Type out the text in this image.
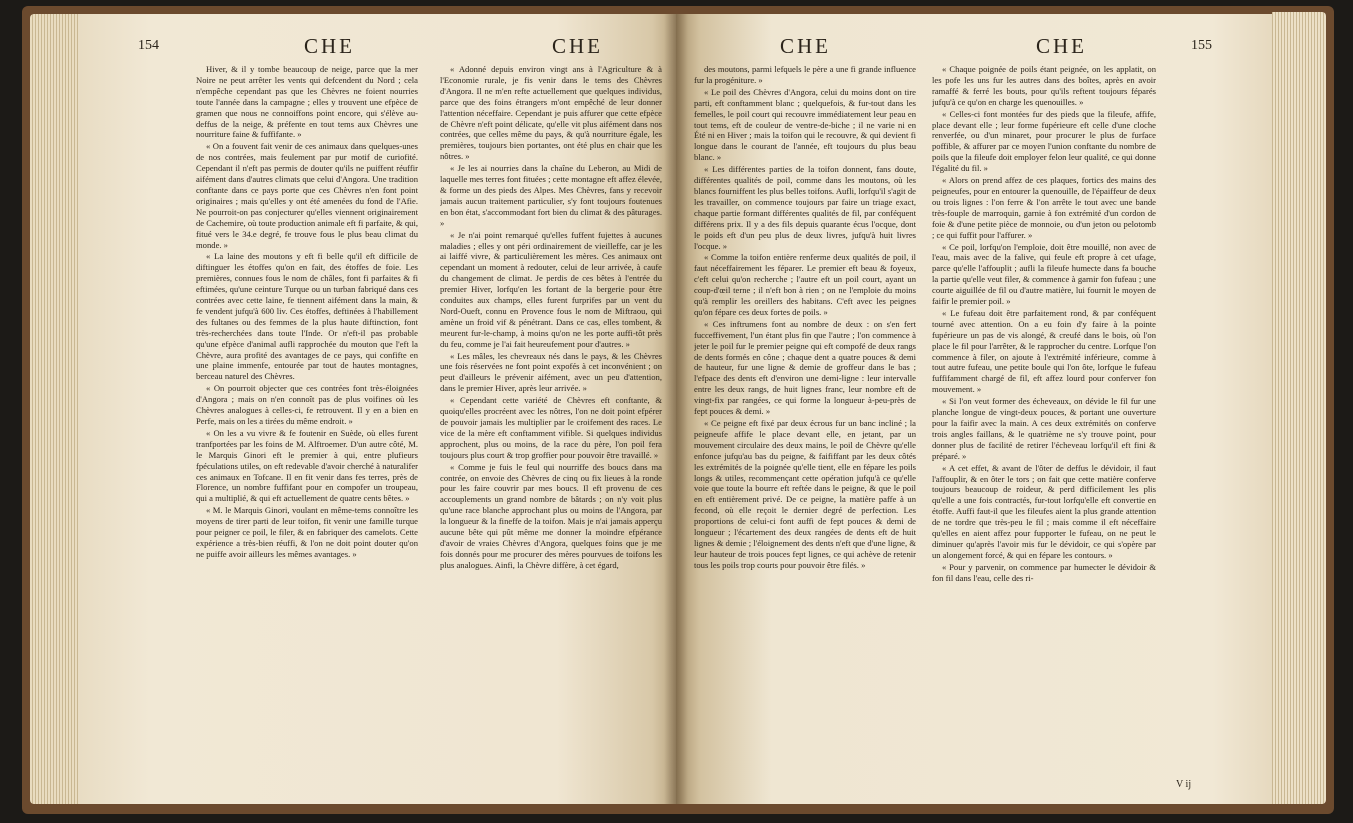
154	CHE	CHE

Hiver, & il y tombe beaucoup de neige, parce que la mer Noire ne peut arrêter les vents qui defcendent du Nord ; cela n'empêche cependant pas que les Chèvres ne foient nourries toute l'année dans la campagne ; elles y trouvent une efpèce de gramen que nous ne connoiffons point encore, qui s'élève au-deffus de la neige, & préfente en tout tems aux Chèvres une nourriture faine & fuffifante. »

« On a fouvent fait venir de ces animaux dans quelques-unes de nos contrées, mais feulement par pur motif de curiofité. Cependant il n'eft pas permis de douter qu'ils ne puiffent réuffir aifément dans d'autres climats que celui d'Angora. Une tradition conftante dans ce pays porte que ces Chèvres n'en font point originaires ; mais qu'elles y ont été amenées du fond de l'Afie. Ne pourroit-on pas conjecturer qu'elles viennent originairement de Cachemire, où toute production animale eft fi parfaite, & qui, fitué vers le 34.e degré, fe trouve fous le plus beau climat du monde. »

« La laine des moutons y eft fi belle qu'il eft difficile de diftinguer les étoffes qu'on en fait, des étoffes de foie. Les premières, connues fous le nom de châles, font fi parfaites & fi eftimées, qu'une ceinture Turque ou un turban fabriqué dans ces contrées avec cette laine, fe tiennent aifément dans la main, & fe vendent jufqu'à 600 liv. Ces étoffes, deftinées à l'habillement des fultanes ou des femmes de la plus haute diftinction, font très-recherchées dans toute l'Inde. Or n'eft-il pas probable qu'une efpèce d'animal aufli rapprochée du mouton que l'eft la Chèvre, aura profité des avantages de ce pays, qui confifte en une plaine immenfe, entourée par tout de hautes montagnes, berceau naturel des Chèvres.

« On pourroit objecter que ces contrées font très-éloignées d'Angora ; mais on n'en connoît pas de plus voifines où les Chèvres analogues à celles-ci, fe retrouvent. Il y en a bien en Perfe, mais on les a tirées du même endroit. »

« On les a vu vivre & fe foutenir en Suède, où elles furent tranfportées par les foins de M. Alftroemer. D'un autre côté, M. le Marquis Ginori eft le premier à qui, entre plufieurs fpéculations utiles, on eft redevable d'avoir cherché à naturalifer ces animaux en Tofcane. Il en fit venir dans fes terres, près de Florence, un nombre fuffifant pour en compofer un troupeau, qui a multiplié, & qui eft actuellement de quatre cents bêtes. »

« M. le Marquis Ginori, voulant en même-tems connoître les moyens de tirer parti de leur toifon, fit venir une famille turque pour peigner ce poil, le filer, & en fabriquer des camelots. Cette expérience a très-bien réuffi, & l'on ne doit point douter qu'on ne puiffe avoir ailleurs les mêmes avantages. »

« Adonné depuis environ vingt ans à l'Agriculture & à l'Economie rurale, je fis venir dans le tems des Chèvres d'Angora. Il ne m'en refte actuellement que quelques individus, parce que des foins étrangers m'ont empêché de leur donner l'attention néceffaire. Cependant je puis affurer que cette efpèce de Chèvre n'eft point délicate, qu'elle vit plus aifément dans nos contrées, que celles même du pays, & qu'à nourriture égale, les premières, toujours bien portantes, ont été plus en chair que les nôtres. »

« Je les ai nourries dans la chaîne du Leberon, au Midi de laquelle mes terres font fituées ; cette montagne eft affez élevée, & forme un des pieds des Alpes. Mes Chèvres, fans y recevoir jamais aucun traitement particulier, s'y font toujours foutenues en bon état, s'accommodant fort bien du climat & des pâturages. »

« Je n'ai point remarqué qu'elles fuffent fujettes à aucunes maladies ; elles y ont péri ordinairement de vieilleffe, car je les ai laiffé vivre, & particulièrement les mères. Ces animaux ont cependant un moment à redouter, celui de leur arrivée, à caufe du changement de climat. Je perdis de ces bêtes à l'entrée du premier Hiver, lorfqu'en les fortant de la bergerie pour être conduites aux champs, elles furent furprifes par un vent du Nord-Oueft, connu en Provence fous le nom de Miftraou, qui amène un froid vif & pénétrant. Dans ce cas, elles tombent, & meurent fur-le-champ, à moins qu'on ne les porte auffi-tôt près du feu, comme je l'ai fait heureufement pour d'autres. »

« Les mâles, les chevreaux nés dans le pays, & les Chèvres une fois réservées ne font point expofés à cet inconvénient ; on peut d'ailleurs le prévenir aifément, avec un peu d'attention, dans le premier Hiver, après leur arrivée. »

« Cependant cette variété de Chèvres eft conftante, & quoiqu'elles procréent avec les nôtres, l'on ne doit point efpérer de pouvoir jamais les multiplier par le croifement des races. Le vice de la mère eft conftamment vifible. Si quelques individus approchent, plus ou moins, de la race du père, l'on poil fera toujours plus court & trop groffier pour pouvoir être travaillé. »

« Comme je fuis le feul qui nourriffe des boucs dans ma contrée, on envoie des Chèvres de cinq ou fix lieues à la ronde pour les faire couvrir par mes boucs. Il eft provenu de ces accouplements un grand nombre de bâtards ; on n'y voit plus qu'une race blanche approchant plus ou moins de l'Angora, par la longueur & la fineffe de la toifon. Mais je n'ai jamais apperçu aucune bête qui pût même me donner la moindre efpérance d'avoir de vraies Chèvres d'Angora, quelques foins que je me fois donnés pour me procurer des mères pourvues de toifons les plus analogues. Ainfi, la Chèvre diffère, à cet égard,

CHE	CHE	155

des moutons, parmi lefquels le père a une fi grande influence fur la progéniture. »

« Le poil des Chèvres d'Angora, celui du moins dont on tire parti, eft conftamment blanc ; quelquefois, & fur-tout dans les femelles, le poil court qui recouvre immédiatement leur peau en tout tems, eft de couleur de ventre-de-biche ; il ne varie ni en Été ni en Hiver ; mais la toifon qui le recouvre, & qui devient fi longue dans le courant de l'année, eft toujours du plus beau blanc. »

« Les différentes parties de la toifon donnent, fans doute, différentes qualités de poil, comme dans les moutons, où les blancs fourniffent les plus belles toifons. Aufli, lorfqu'il s'agit de les travailler, on commence toujours par faire un triage exact, chaque partie formant différentes qualités de fil, par conféquent différens prix. Il y a des fils depuis quarante écus l'ocque, dont le poids eft d'un peu plus de deux livres, jufqu'à huit livres l'ocque. »

« Comme la toifon entière renferme deux qualités de poil, il faut néceffairement les féparer. Le premier eft beau & foyeux, c'eft celui qu'on recherche ; l'autre eft un poil court, ayant un coup-d'œil terne ; il n'eft bon à rien ; on ne l'emploie du moins qu'à remplir les oreillers des habitans. C'eft avec les peignes qu'on fépare ces deux fortes de poils. »

« Ces inftrumens font au nombre de deux : on s'en fert fucceffivement, l'un étant plus fin que l'autre ; l'on commence à jeter le poil fur le premier peigne qui eft compofé de deux rangs de dents formés en cône ; chaque dent a quatre pouces & demi de hauteur, fur une ligne & demie de groffeur dans le bas ; l'efpace des dents eft d'environ une demi-ligne : leur intervalle entre les deux rangs, de huit lignes franc, leur nombre eft de vingt-fix par rangées, ce qui forme la longueur à-peu-près de fept pouces & demi. »

« Ce peigne eft fixé par deux écrous fur un banc incliné ; la peigneufe affife le place devant elle, en jetant, par un mouvement circulaire des deux mains, le poil de Chèvre qu'elle enfonce jufqu'au bas du peigne, & faififfant par les deux côtés les extrémités de la poignée qu'elle tient, elle en fépare les poils longs & utiles, recommençant cette opération jufqu'à ce qu'elle voie que toute la bourre eft reftée dans le peigne, & que le poil en eft entièrement privé. De ce peigne, la matière paffe à un fecond, où elle reçoit le dernier degré de perfection. Les proportions de celui-ci font auffi de fept pouces & demi de longueur ; l'écartement des deux rangées de dents eft de huit lignes & demie ; l'éloignement des dents n'eft que d'une ligne, & leur hauteur de trois pouces fept lignes, ce qui achève de retenir tous les poils trop courts pour pouvoir être filés. »

« Chaque poignée de poils étant peignée, on les applatit, on les pofe les uns fur les autres dans des boîtes, après en avoir ramaffé & ferré les bouts, pour qu'ils reftent toujours féparés jufqu'à ce qu'on en charge les quenouilles. »

« Celles-ci font montées fur des pieds que la fileufe, affife, place devant elle ; leur forme fupérieure eft celle d'une cloche renverfée, ou d'un minaret, pour procurer le plus de furface poffible, & affurer par ce moyen l'union conftante du nombre de poils que la fileufe doit employer felon leur qualité, ce qui donne l'égalité du fil. »

« Alors on prend affez de ces plaques, fortics des mains des peigneufes, pour en entourer la quenouille, de l'épaiffeur de deux ou trois lignes : l'on ferre & l'on arrête le tout avec une bande très-fouple de marroquin, garnie à fon extrémité d'un cordon de foie & d'une petite pièce de monnoie, ou d'un jeton ou pelotomb ; ce qui fuffit pour l'affurer. »

« Ce poil, lorfqu'on l'emploie, doit être mouillé, non avec de l'eau, mais avec de la falive, qui feule eft propre à cet ufage, parce qu'elle l'affouplit ; aufli la fileufe humecte dans fa bouche la partie qu'elle veut filer, & commence à garnir fon fufeau ; une courte aiguillée de fil ou d'autre matière, lui fournit le moyen de faifir le premier poil. »

« Le fufeau doit être parfaitement rond, & par conféquent tourné avec attention. On a eu foin d'y faire à la pointe fupérieure un pas de vis alongé, & creufé dans le bois, où l'on place le fil pour l'arrêter, & le rapprocher du centre. Lorfque l'on commence à filer, on ajoute à l'extrémité inférieure, comme à tout autre fufeau, une petite boule qui l'on ôte, lorfque le fufeau fuffifamment chargé de fil, eft affez lourd pour conferver fon mouvement. »

« Si l'on veut former des écheveaux, on dévide le fil fur une planche longue de vingt-deux pouces, & portant une ouverture pour la faifir avec la main. A ces deux extrémités on conferve trois angles faillans, & le quatrième ne s'y trouve point, pour donner plus de facilité de retirer l'écheveau lorfqu'il eft fini & préparé. »

« A cet effet, & avant de l'ôter de deffus le dévidoir, il faut l'affouplir, & en ôter le tors ; on fait que cette matière conferve toujours beaucoup de roideur, & perd difficilement les plis qu'elle a une fois contractés, fur-tout lorfqu'elle eft convertie en étoffe. Auffi faut-il que les fileufes aient la plus grande attention de ne tordre que très-peu le fil ; mais comme il eft néceffaire qu'elles en aient affez pour fupporter le fufeau, on ne peut le diminuer qu'après l'avoir mis fur le dévidoir, ce qui s'opère par un alongement forcé, & qui en fépare les contours. »

« Pour y parvenir, on commence par humecter le dévidoir & fon fil dans l'eau, celle des ri-

V ij
